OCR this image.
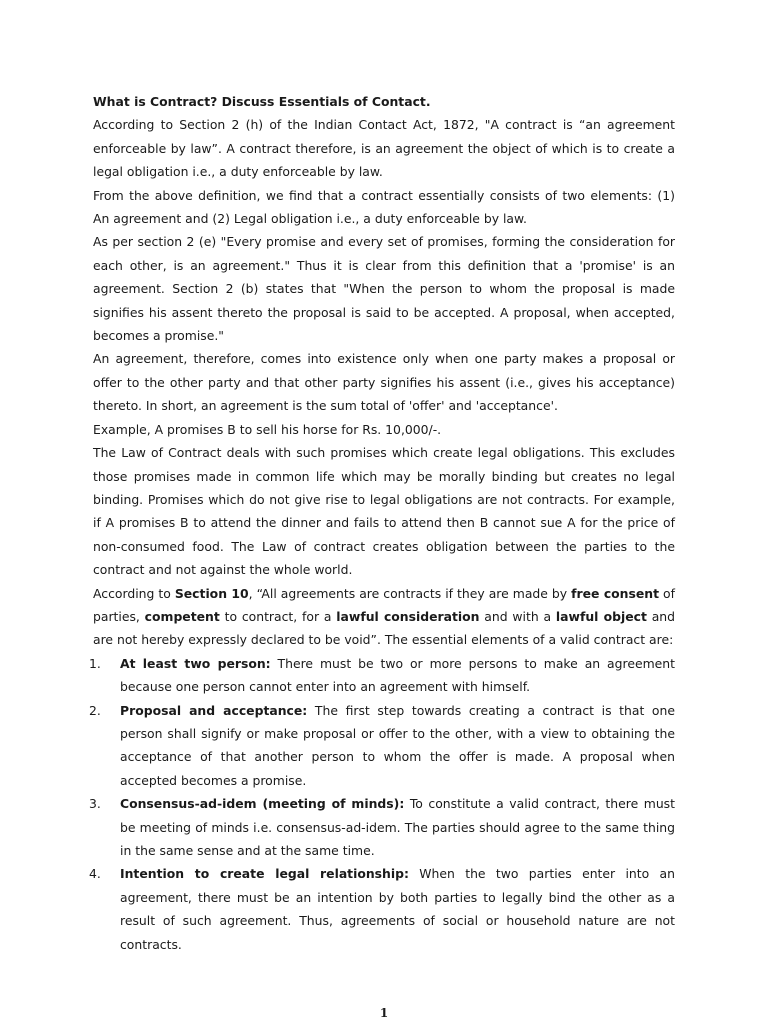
What is Contract? Discuss Essentials of Contact.

According to Section 2 (h) of the Indian Contact Act, 1872, "A contract is “an agreement enforceable by law”. A contract therefore, is an agreement the object of which is to create a legal obligation i.e., a duty enforceable by law.

From the above definition, we find that a contract essentially consists of two elements: (1) An agreement and (2) Legal obligation i.e., a duty enforceable by law.

As per section 2 (e) "Every promise and every set of promises, forming the consideration for each other, is an agreement." Thus it is clear from this definition that a 'promise' is an agreement. Section 2 (b) states that "When the person to whom the proposal is made signifies his assent thereto the proposal is said to be accepted. A proposal, when accepted, becomes a promise."

An agreement, therefore, comes into existence only when one party makes a proposal or offer to the other party and that other party signifies his assent (i.e., gives his acceptance) thereto. In short, an agreement is the sum total of 'offer' and 'acceptance'.

Example, A promises B to sell his horse for Rs. 10,000/-.

The Law of Contract deals with such promises which create legal obligations. This excludes those promises made in common life which may be morally binding but creates no legal binding. Promises which do not give rise to legal obligations are not contracts. For example, if A promises B to attend the dinner and fails to attend then B cannot sue A for the price of non-consumed food. The Law of contract creates obligation between the parties to the contract and not against the whole world.

According to Section 10, “All agreements are contracts if they are made by free consent of parties, competent to contract, for a lawful consideration and with a lawful object and are not hereby expressly declared to be void”. The essential elements of a valid contract are:

1.	At least two person: There must be two or more persons to make an agreement because one person cannot enter into an agreement with himself.
2.	Proposal and acceptance: The first step towards creating a contract is that one person shall signify or make proposal or offer to the other, with a view to obtaining the acceptance of that another person to whom the offer is made. A proposal when accepted becomes a promise.
3.	Consensus-ad-idem (meeting of minds): To constitute a valid contract, there must be meeting of minds i.e. consensus-ad-idem. The parties should agree to the same thing in the same sense and at the same time.
4.	Intention to create legal relationship: When the two parties enter into an agreement, there must be an intention by both parties to legally bind the other as a result of such agreement. Thus, agreements of social or household nature are not contracts.
1
